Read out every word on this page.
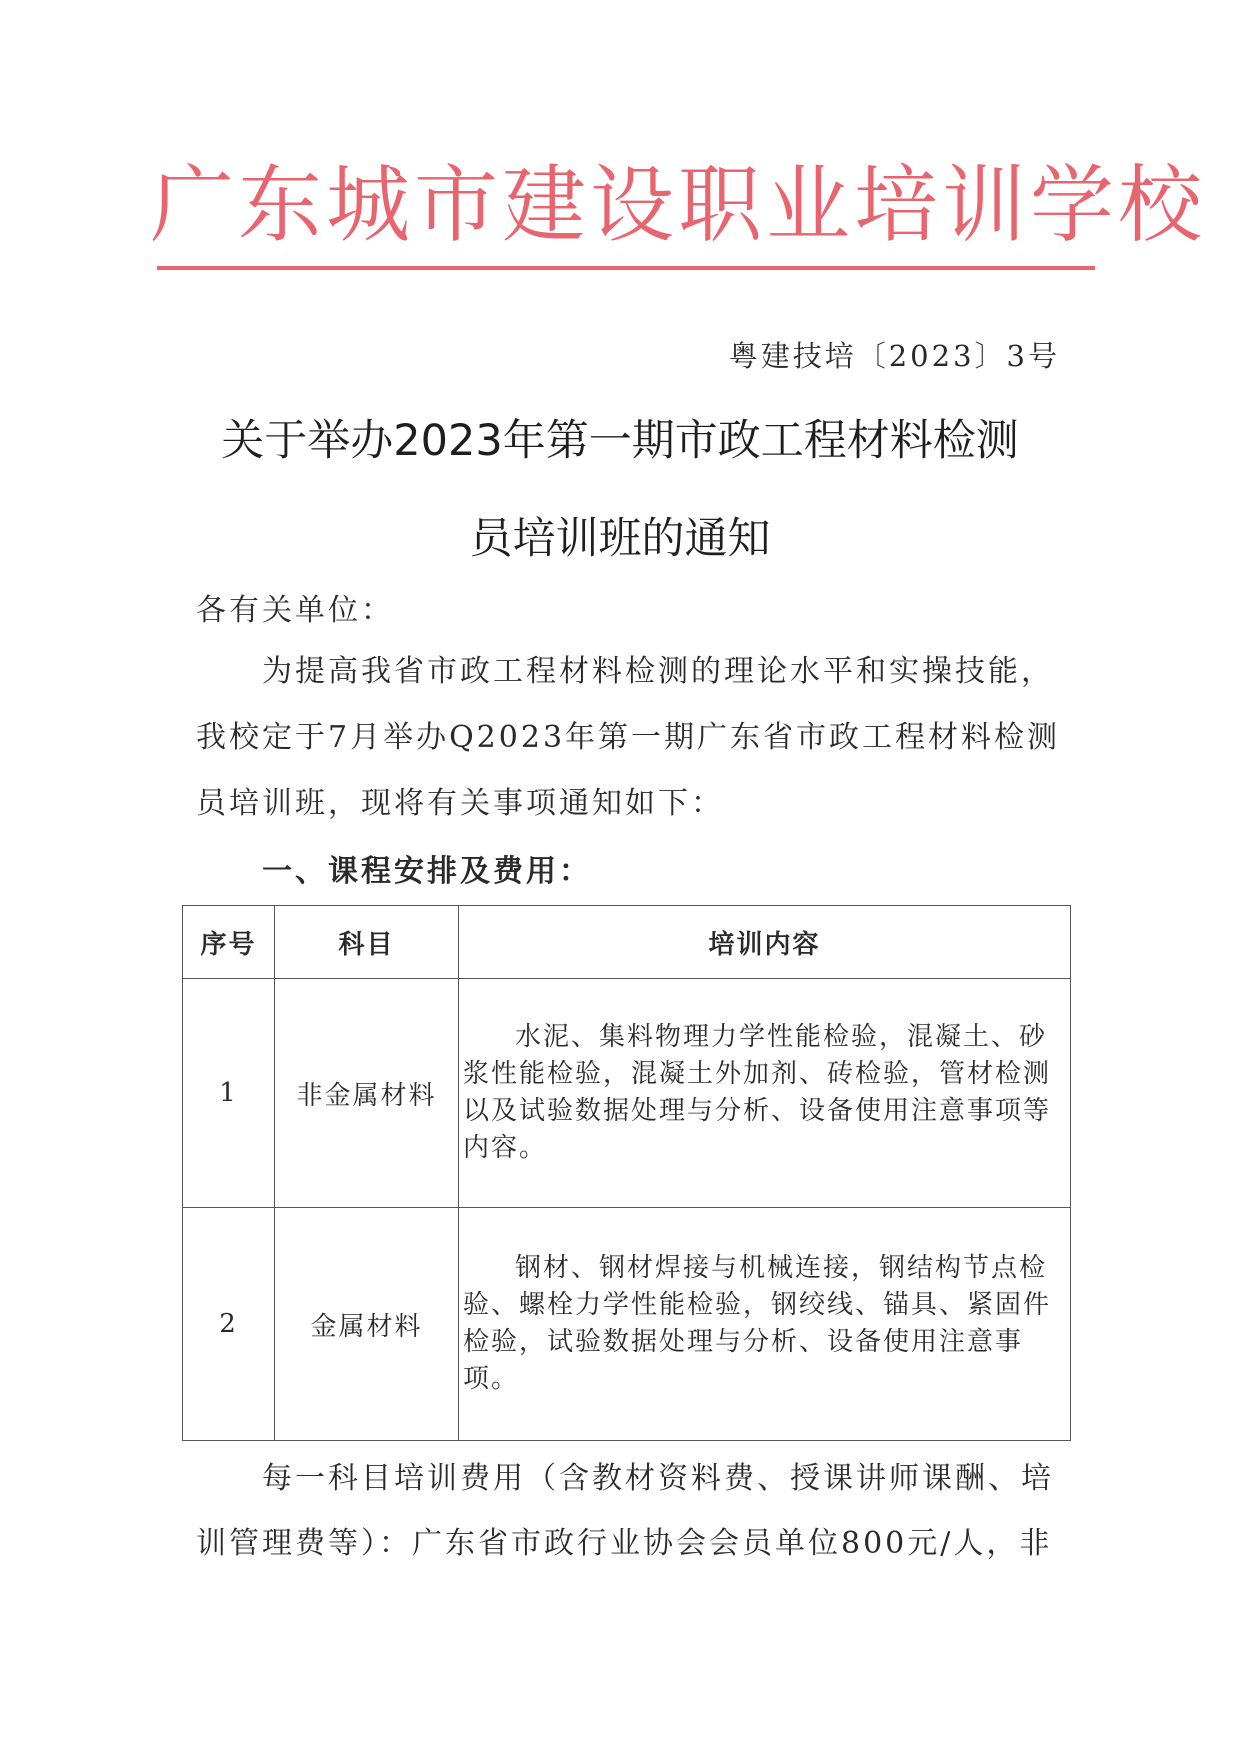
广东城市建设职业培训学校
粤建技培〔2023〕3号
关于举办2023年第一期市政工程材料检测
员培训班的通知
各有关单位：
为提高我省市政工程材料检测的理论水平和实操技能，
我校定于7月举办Q2023年第一期广东省市政工程材料检测
员培训班，现将有关事项通知如下：
一、课程安排及费用：
序号	科目	培训内容
1	非金属材料	水泥、集料物理力学性能检验，混凝土、砂浆性能检验，混凝土外加剂、砖检验，管材检测以及试验数据处理与分析、设备使用注意事项等内容。

2	金属材料	钢材、钢材焊接与机械连接，钢结构节点检验、螺栓力学性能检验，钢绞线、锚具、紧固件检验，试验数据处理与分析、设备使用注意事项。
每一科目培训费用（含教材资料费、授课讲师课酬、培
训管理费等）：广东省市政行业协会会员单位800元/人，非
